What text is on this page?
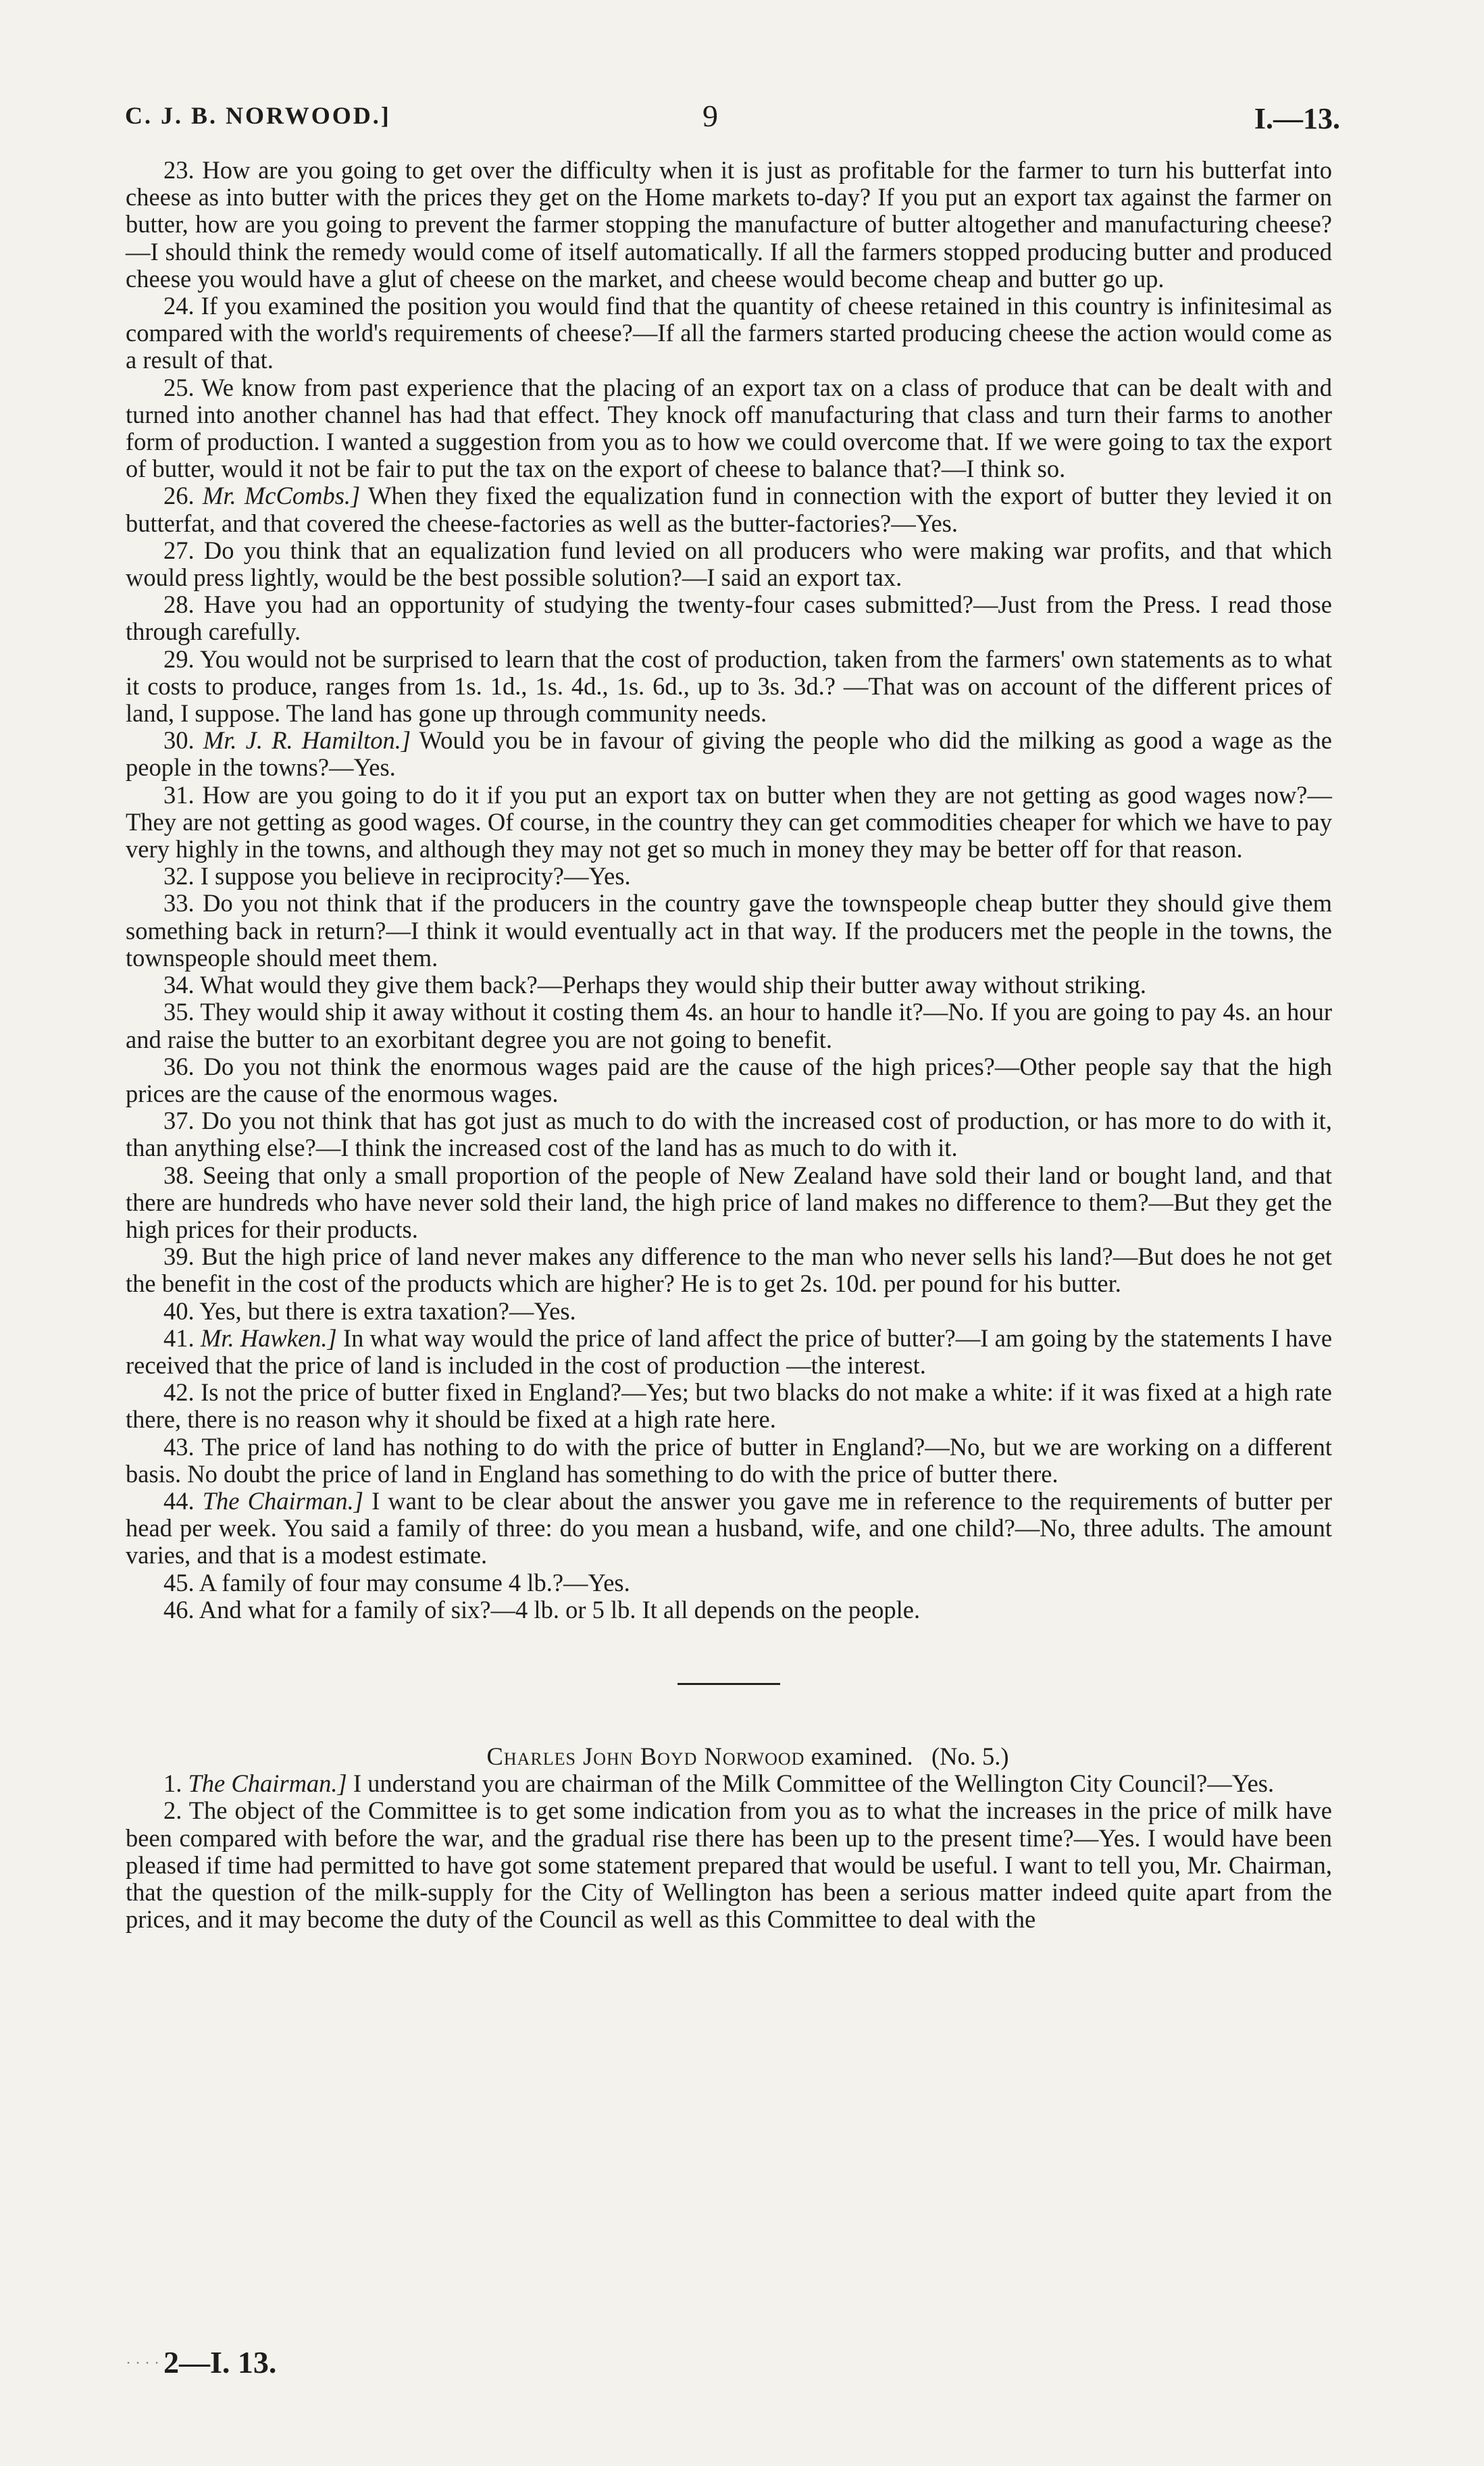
C. J. B. NORWOOD.]	9	I.—13.

23. How are you going to get over the difficulty when it is just as profitable for the farmer to turn his butterfat into cheese as into butter with the prices they get on the Home markets to-day? If you put an export tax against the farmer on butter, how are you going to prevent the farmer stopping the manufacture of butter altogether and manufacturing cheese?—I should think the remedy would come of itself automatically. If all the farmers stopped producing butter and produced cheese you would have a glut of cheese on the market, and cheese would become cheap and butter go up.

24. If you examined the position you would find that the quantity of cheese retained in this country is infinitesimal as compared with the world's requirements of cheese?—If all the farmers started producing cheese the action would come as a result of that.

25. We know from past experience that the placing of an export tax on a class of produce that can be dealt with and turned into another channel has had that effect. They knock off manufacturing that class and turn their farms to another form of production. I wanted a suggestion from you as to how we could overcome that. If we were going to tax the export of butter, would it not be fair to put the tax on the export of cheese to balance that?—I think so.

26. Mr. McCombs.] When they fixed the equalization fund in connection with the export of butter they levied it on butterfat, and that covered the cheese-factories as well as the butter-factories?—Yes.

27. Do you think that an equalization fund levied on all producers who were making war profits, and that which would press lightly, would be the best possible solution?—I said an export tax.

28. Have you had an opportunity of studying the twenty-four cases submitted?—Just from the Press. I read those through carefully.

29. You would not be surprised to learn that the cost of production, taken from the farmers' own statements as to what it costs to produce, ranges from 1s. 1d., 1s. 4d., 1s. 6d., up to 3s. 3d.? —That was on account of the different prices of land, I suppose. The land has gone up through community needs.

30. Mr. J. R. Hamilton.] Would you be in favour of giving the people who did the milking as good a wage as the people in the towns?—Yes.

31. How are you going to do it if you put an export tax on butter when they are not getting as good wages now?—They are not getting as good wages. Of course, in the country they can get commodities cheaper for which we have to pay very highly in the towns, and although they may not get so much in money they may be better off for that reason.

32. I suppose you believe in reciprocity?—Yes.

33. Do you not think that if the producers in the country gave the townspeople cheap butter they should give them something back in return?—I think it would eventually act in that way. If the producers met the people in the towns, the townspeople should meet them.

34. What would they give them back?—Perhaps they would ship their butter away without striking.

35. They would ship it away without it costing them 4s. an hour to handle it?—No. If you are going to pay 4s. an hour and raise the butter to an exorbitant degree you are not going to benefit.

36. Do you not think the enormous wages paid are the cause of the high prices?—Other people say that the high prices are the cause of the enormous wages.

37. Do you not think that has got just as much to do with the increased cost of production, or has more to do with it, than anything else?—I think the increased cost of the land has as much to do with it.

38. Seeing that only a small proportion of the people of New Zealand have sold their land or bought land, and that there are hundreds who have never sold their land, the high price of land makes no difference to them?—But they get the high prices for their products.

39. But the high price of land never makes any difference to the man who never sells his land?—But does he not get the benefit in the cost of the products which are higher? He is to get 2s. 10d. per pound for his butter.

40. Yes, but there is extra taxation?—Yes.

41. Mr. Hawken.] In what way would the price of land affect the price of butter?—I am going by the statements I have received that the price of land is included in the cost of production —the interest.

42. Is not the price of butter fixed in England?—Yes; but two blacks do not make a white: if it was fixed at a high rate there, there is no reason why it should be fixed at a high rate here.

43. The price of land has nothing to do with the price of butter in England?—No, but we are working on a different basis. No doubt the price of land in England has something to do with the price of butter there.

44. The Chairman.] I want to be clear about the answer you gave me in reference to the requirements of butter per head per week. You said a family of three: do you mean a husband, wife, and one child?—No, three adults. The amount varies, and that is a modest estimate.

45. A family of four may consume 4 lb.?—Yes.

46. And what for a family of six?—4 lb. or 5 lb. It all depends on the people.

Charles John Boyd Norwood examined. (No. 5.)

1. The Chairman.] I understand you are chairman of the Milk Committee of the Wellington City Council?—Yes.

2. The object of the Committee is to get some indication from you as to what the increases in the price of milk have been compared with before the war, and the gradual rise there has been up to the present time?—Yes. I would have been pleased if time had permitted to have got some statement prepared that would be useful. I want to tell you, Mr. Chairman, that the question of the milk-supply for the City of Wellington has been a serious matter indeed quite apart from the prices, and it may become the duty of the Council as well as this Committee to deal with the

˙ ˙ ˙ ˙ 2—I. 13.
